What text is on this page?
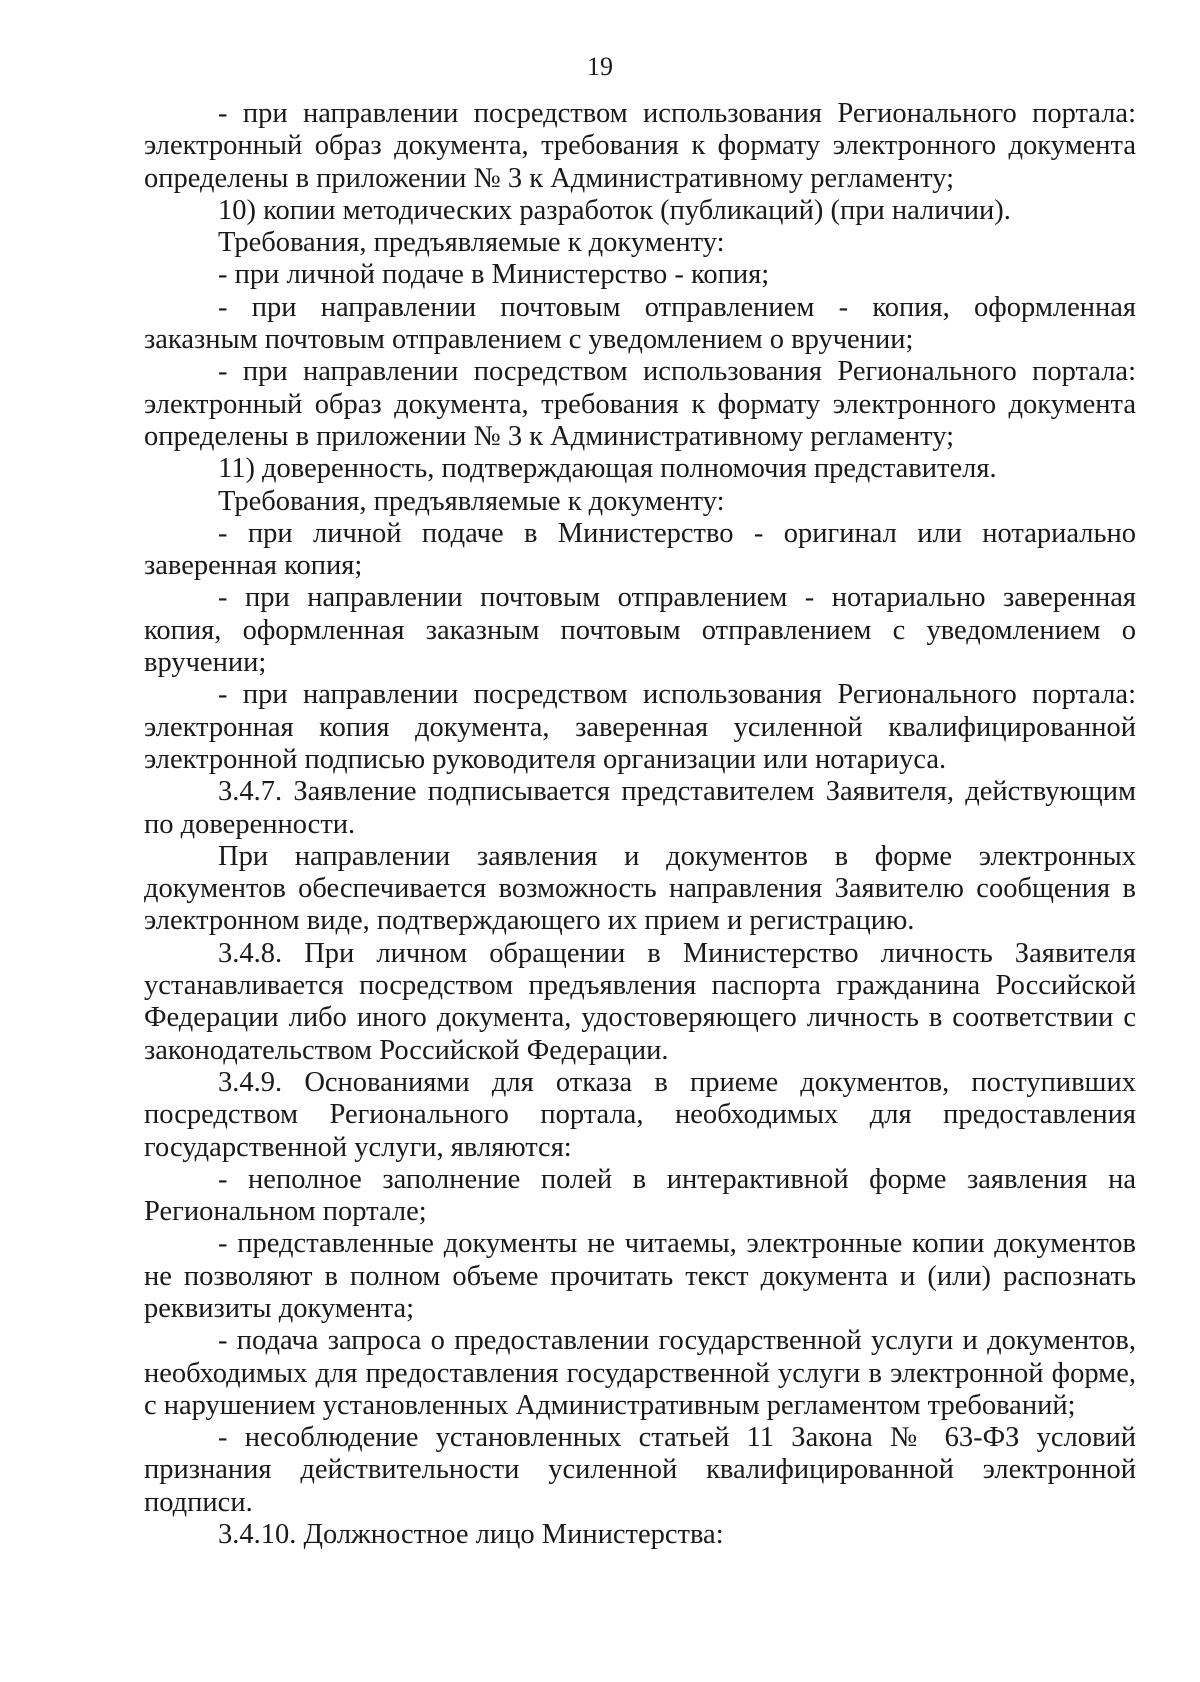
19

- при направлении посредством использования Регионального портала: электронный образ документа, требования к формату электронного документа определены в приложении № 3 к Административному регламенту;

10) копии методических разработок (публикаций) (при наличии).

Требования, предъявляемые к документу:

- при личной подаче в Министерство - копия;

- при направлении почтовым отправлением - копия, оформленная заказным почтовым отправлением с уведомлением о вручении;

- при направлении посредством использования Регионального портала: электронный образ документа, требования к формату электронного документа определены в приложении № 3 к Административному регламенту;

11) доверенность, подтверждающая полномочия представителя.

Требования, предъявляемые к документу:

- при личной подаче в Министерство - оригинал или нотариально заверенная копия;

- при направлении почтовым отправлением - нотариально заверенная копия, оформленная заказным почтовым отправлением с уведомлением о вручении;

- при направлении посредством использования Регионального портала: электронная копия документа, заверенная усиленной квалифицированной электронной подписью руководителя организации или нотариуса.

3.4.7. Заявление подписывается представителем Заявителя, действующим по доверенности.

При направлении заявления и документов в форме электронных документов обеспечивается возможность направления Заявителю сообщения в электронном виде, подтверждающего их прием и регистрацию.

3.4.8. При личном обращении в Министерство личность Заявителя устанавливается посредством предъявления паспорта гражданина Российской Федерации либо иного документа, удостоверяющего личность в соответствии с законодательством Российской Федерации.

3.4.9. Основаниями для отказа в приеме документов, поступивших посредством Регионального портала, необходимых для предоставления государственной услуги, являются:

- неполное заполнение полей в интерактивной форме заявления на Региональном портале;

- представленные документы не читаемы, электронные копии документов не позволяют в полном объеме прочитать текст документа и (или) распознать реквизиты документа;

- подача запроса о предоставлении государственной услуги и документов, необходимых для предоставления государственной услуги в электронной форме, с нарушением установленных Административным регламентом требований;

- несоблюдение установленных статьей 11 Закона № 63-ФЗ условий признания действительности усиленной квалифицированной электронной подписи.

3.4.10. Должностное лицо Министерства:
